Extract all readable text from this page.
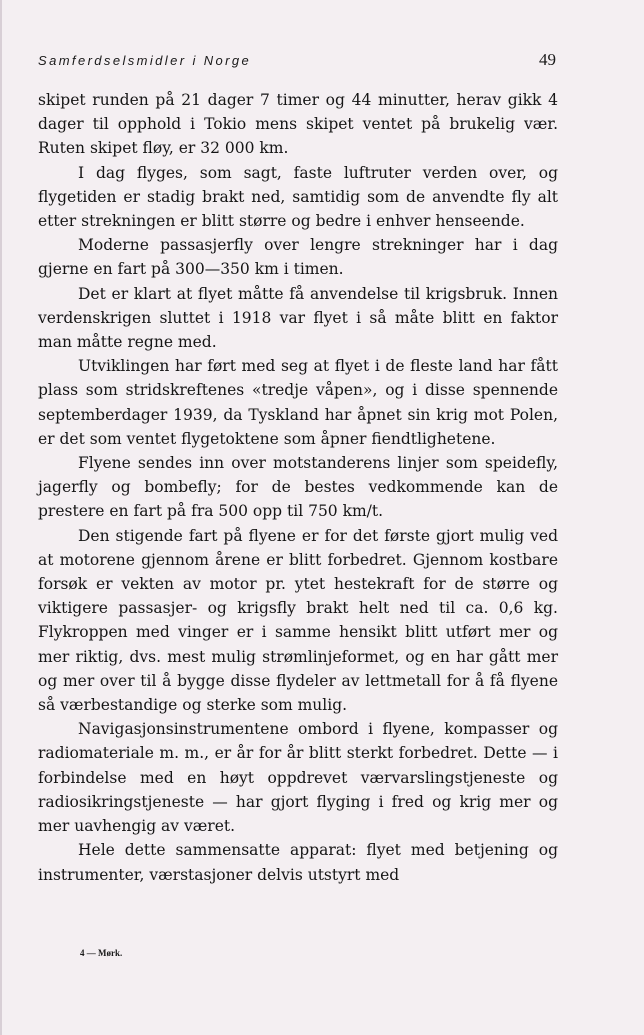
Samferdselsmidler i Norge	49

skipet runden på 21 dager 7 timer og 44 minutter, herav gikk 4 dager til opphold i Tokio mens skipet ventet på brukelig vær. Ruten skipet fløy, er 32 000 km.

I dag flyges, som sagt, faste luftruter verden over, og flygetiden er stadig brakt ned, samtidig som de anvendte fly alt etter strekningen er blitt større og bedre i enhver henseende.

Moderne passasjerfly over lengre strekninger har i dag gjerne en fart på 300—350 km i timen.

Det er klart at flyet måtte få anvendelse til krigsbruk. Innen verdenskrigen sluttet i 1918 var flyet i så måte blitt en faktor man måtte regne med.

Utviklingen har ført med seg at flyet i de fleste land har fått plass som stridskreftenes «tredje våpen», og i disse spennende septemberdager 1939, da Tyskland har åpnet sin krig mot Polen, er det som ventet flygetoktene som åpner fiendtlighetene.

Flyene sendes inn over motstanderens linjer som speidefly, jagerfly og bombefly; for de bestes vedkommende kan de prestere en fart på fra 500 opp til 750 km/t.

Den stigende fart på flyene er for det første gjort mulig ved at motorene gjennom årene er blitt forbedret. Gjennom kostbare forsøk er vekten av motor pr. ytet hestekraft for de større og viktigere passasjer- og krigsfly brakt helt ned til ca. 0,6 kg. Flykroppen med vinger er i samme hensikt blitt utført mer og mer riktig, dvs. mest mulig strømlinjeformet, og en har gått mer og mer over til å bygge disse flydeler av lettmetall for å få flyene så værbestandige og sterke som mulig.

Navigasjonsinstrumentene ombord i flyene, kompasser og radiomateriale m. m., er år for år blitt sterkt forbedret. Dette — i forbindelse med en høyt oppdrevet værvarslingstjeneste og radiosikringstjeneste — har gjort flyging i fred og krig mer og mer uavhengig av været.

Hele dette sammensatte apparat: flyet med betjening og instrumenter, værstasjoner delvis utstyrt med

4 — Mørk.
